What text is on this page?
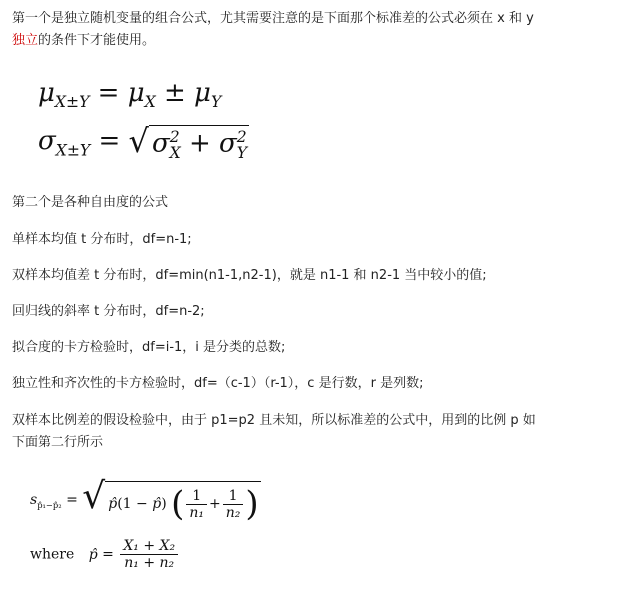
第一个是独立随机变量的组合公式，尤其需要注意的是下面那个标准差的公式必须在 x 和 y
独立的条件下才能使用。
$\mu_{X\pm Y} = \mu_X \pm \mu_Y$
$\sigma_{X\pm Y}$ = √ $\sigma^2_X + \sigma^2_Y$
第二个是各种自由度的公式
单样本均值 t 分布时，df=n-1;
双样本均值差 t 分布时，df=min(n1-1,n2-1)，就是 n1-1 和 n2-1 当中较小的值;
回归线的斜率 t 分布时，df=n-2;
拟合度的卡方检验时，df=i-1，i 是分类的总数;
独立性和齐次性的卡方检验时，df=（c-1）（r-1），c 是行数，r 是列数;
双样本比例差的假设检验中，由于 p1=p2 且未知，所以标准差的公式中，用到的比例 p 如
下面第二行所示
$s_{p̂_1-p̂_2}$ = √ p̂(1 − p̂) ( $\frac{1}{\text{n₁}} + \frac{1}{\text{n₂}}$ )
where p̂ = $\frac{\text{X₁ + X₂}}{\text{n₁ + n₂}}$
